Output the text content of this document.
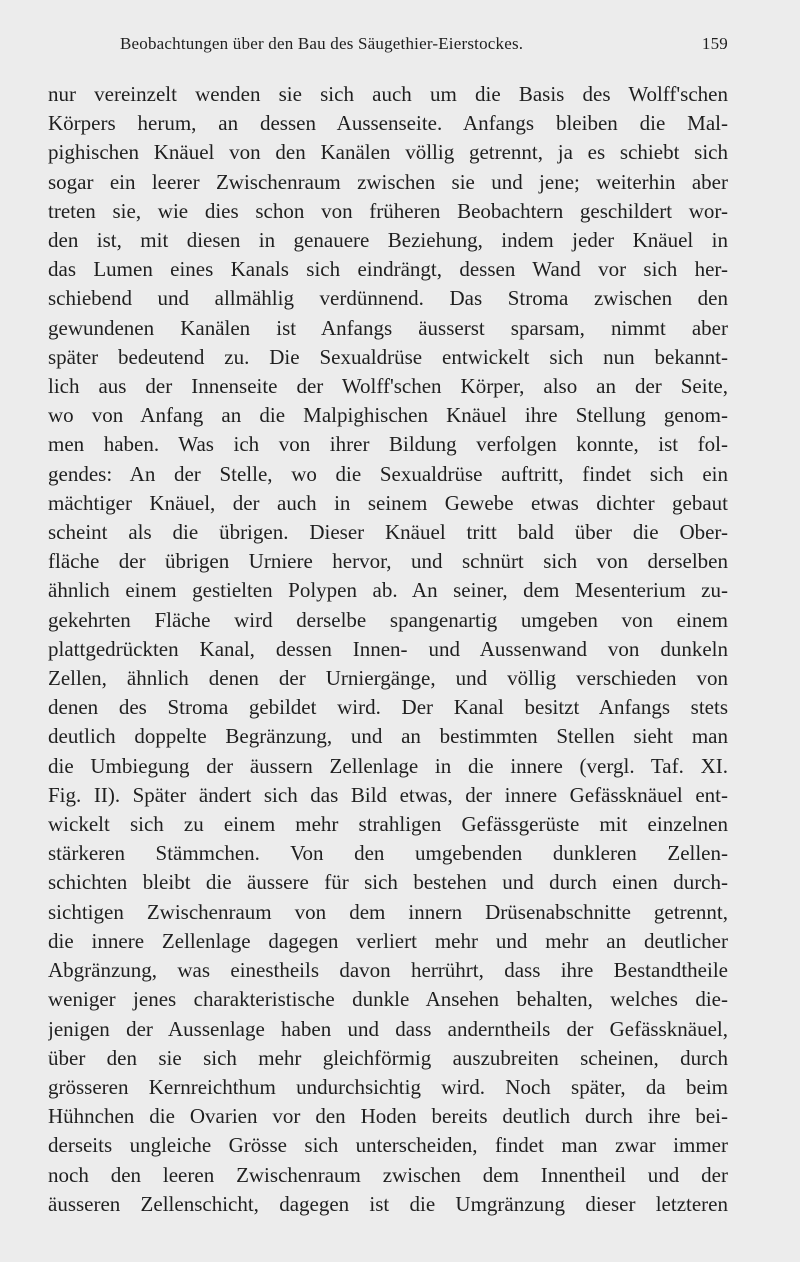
Beobachtungen über den Bau des Säugethier-Eierstockes.	159
nur vereinzelt wenden sie sich auch um die Basis des Wolff'schen
Körpers herum, an dessen Aussenseite. Anfangs bleiben die Mal-
pighischen Knäuel von den Kanälen völlig getrennt, ja es schiebt sich
sogar ein leerer Zwischenraum zwischen sie und jene; weiterhin aber
treten sie, wie dies schon von früheren Beobachtern geschildert wor-
den ist, mit diesen in genauere Beziehung, indem jeder Knäuel in
das Lumen eines Kanals sich eindrängt, dessen Wand vor sich her-
schiebend und allmählig verdünnend. Das Stroma zwischen den
gewundenen Kanälen ist Anfangs äusserst sparsam, nimmt aber
später bedeutend zu. Die Sexualdrüse entwickelt sich nun bekannt-
lich aus der Innenseite der Wolff'schen Körper, also an der Seite,
wo von Anfang an die Malpighischen Knäuel ihre Stellung genom-
men haben. Was ich von ihrer Bildung verfolgen konnte, ist fol-
gendes: An der Stelle, wo die Sexualdrüse auftritt, findet sich ein
mächtiger Knäuel, der auch in seinem Gewebe etwas dichter gebaut
scheint als die übrigen. Dieser Knäuel tritt bald über die Ober-
fläche der übrigen Urniere hervor, und schnürt sich von derselben
ähnlich einem gestielten Polypen ab. An seiner, dem Mesenterium zu-
gekehrten Fläche wird derselbe spangenartig umgeben von einem
plattgedrückten Kanal, dessen Innen- und Aussenwand von dunkeln
Zellen, ähnlich denen der Urniergänge, und völlig verschieden von
denen des Stroma gebildet wird. Der Kanal besitzt Anfangs stets
deutlich doppelte Begränzung, und an bestimmten Stellen sieht man
die Umbiegung der äussern Zellenlage in die innere (vergl. Taf. XI.
Fig. II). Später ändert sich das Bild etwas, der innere Gefässknäuel ent-
wickelt sich zu einem mehr strahligen Gefässgerüste mit einzelnen
stärkeren Stämmchen. Von den umgebenden dunkleren Zellen-
schichten bleibt die äussere für sich bestehen und durch einen durch-
sichtigen Zwischenraum von dem innern Drüsenabschnitte getrennt,
die innere Zellenlage dagegen verliert mehr und mehr an deutlicher
Abgränzung, was einestheils davon herrührt, dass ihre Bestandtheile
weniger jenes charakteristische dunkle Ansehen behalten, welches die-
jenigen der Aussenlage haben und dass anderntheils der Gefässknäuel,
über den sie sich mehr gleichförmig auszubreiten scheinen, durch
grösseren Kernreichthum undurchsichtig wird. Noch später, da beim
Hühnchen die Ovarien vor den Hoden bereits deutlich durch ihre bei-
derseits ungleiche Grösse sich unterscheiden, findet man zwar immer
noch den leeren Zwischenraum zwischen dem Innentheil und der
äusseren Zellenschicht, dagegen ist die Umgränzung dieser letzteren
